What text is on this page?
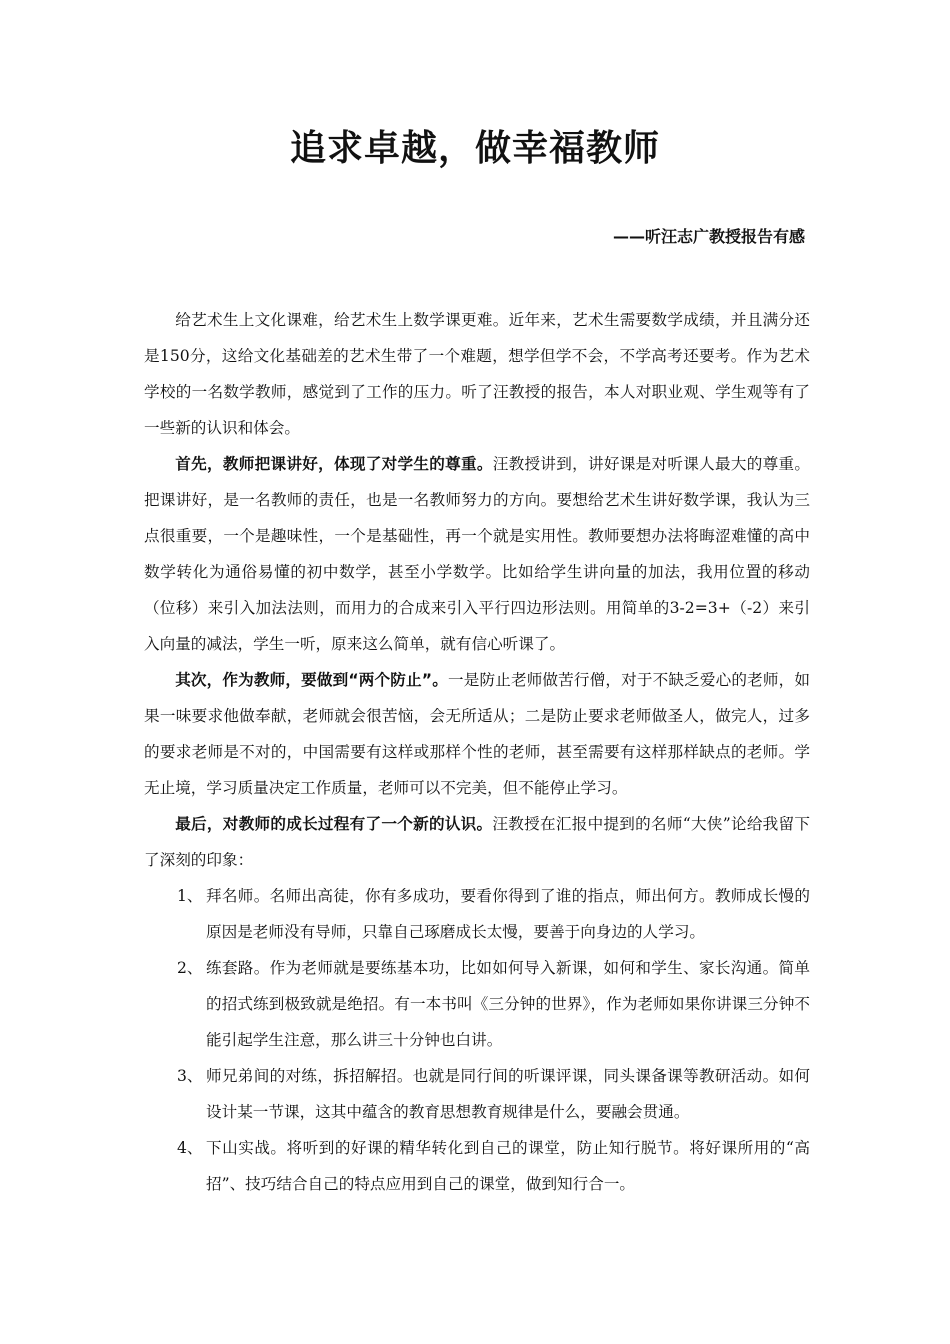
追求卓越，做幸福教师
——听汪志广教授报告有感

给艺术生上文化课难，给艺术生上数学课更难。近年来，艺术生需要数学成绩，并且满分还是150分，这给文化基础差的艺术生带了一个难题，想学但学不会，不学高考还要考。作为艺术学校的一名数学教师，感觉到了工作的压力。听了汪教授的报告，本人对职业观、学生观等有了一些新的认识和体会。

首先，教师把课讲好，体现了对学生的尊重。汪教授讲到，讲好课是对听课人最大的尊重。把课讲好，是一名教师的责任，也是一名教师努力的方向。要想给艺术生讲好数学课，我认为三点很重要，一个是趣味性，一个是基础性，再一个就是实用性。教师要想办法将晦涩难懂的高中数学转化为通俗易懂的初中数学，甚至小学数学。比如给学生讲向量的加法，我用位置的移动（位移）来引入加法法则，而用力的合成来引入平行四边形法则。用简单的3-2=3+（-2）来引入向量的减法，学生一听，原来这么简单，就有信心听课了。

其次，作为教师，要做到“两个防止”。一是防止老师做苦行僧，对于不缺乏爱心的老师，如果一味要求他做奉献，老师就会很苦恼，会无所适从；二是防止要求老师做圣人，做完人，过多的要求老师是不对的，中国需要有这样或那样个性的老师，甚至需要有这样那样缺点的老师。学无止境，学习质量决定工作质量，老师可以不完美，但不能停止学习。

最后，对教师的成长过程有了一个新的认识。汪教授在汇报中提到的名师“大侠”论给我留下了深刻的印象：

1、 拜名师。名师出高徒，你有多成功，要看你得到了谁的指点，师出何方。教师成长慢的原因是老师没有导师，只靠自己琢磨成长太慢，要善于向身边的人学习。
2、 练套路。作为老师就是要练基本功，比如如何导入新课，如何和学生、家长沟通。简单的招式练到极致就是绝招。有一本书叫《三分钟的世界》，作为老师如果你讲课三分钟不能引起学生注意，那么讲三十分钟也白讲。
3、 师兄弟间的对练，拆招解招。也就是同行间的听课评课，同头课备课等教研活动。如何设计某一节课，这其中蕴含的教育思想教育规律是什么，要融会贯通。
4、 下山实战。将听到的好课的精华转化到自己的课堂，防止知行脱节。将好课所用的“高招”、技巧结合自己的特点应用到自己的课堂，做到知行合一。
